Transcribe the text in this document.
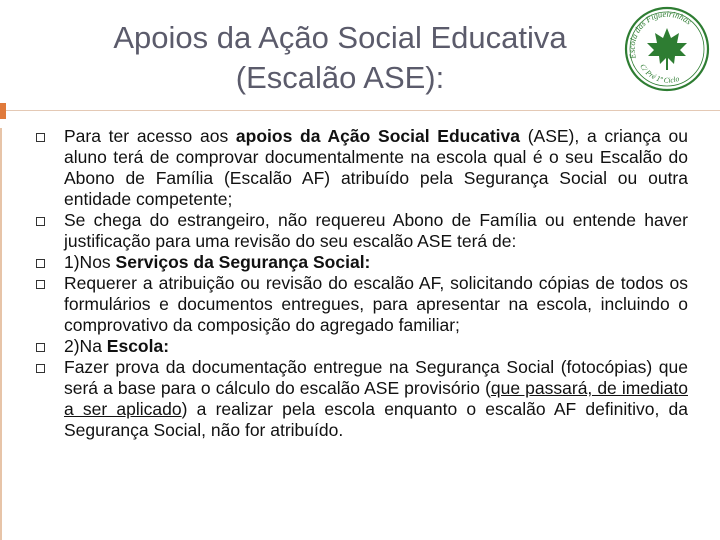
Apoios da Ação Social Educativa
(Escalão ASE):
Escola das Figueirinhas
C/ Pré 1º Ciclo
Para ter acesso aos apoios da Ação Social Educativa (ASE), a criança ou aluno terá de comprovar documentalmente na escola qual é o seu Escalão do Abono de Família (Escalão AF) atribuído pela Segurança Social ou outra entidade competente;
Se chega do estrangeiro, não requereu Abono de Família ou entende haver justificação para uma revisão do seu escalão ASE terá de:
1)Nos Serviços da Segurança Social:
Requerer a atribuição ou revisão do escalão AF, solicitando cópias de todos os formulários e documentos entregues, para apresentar na escola, incluindo o comprovativo da composição do agregado familiar;
2)Na Escola:
Fazer prova da documentação entregue na Segurança Social (fotocópias) que será a base para o cálculo do escalão ASE provisório (que passará, de imediato a ser aplicado) a realizar pela escola enquanto o escalão AF definitivo, da Segurança Social, não for atribuído.
